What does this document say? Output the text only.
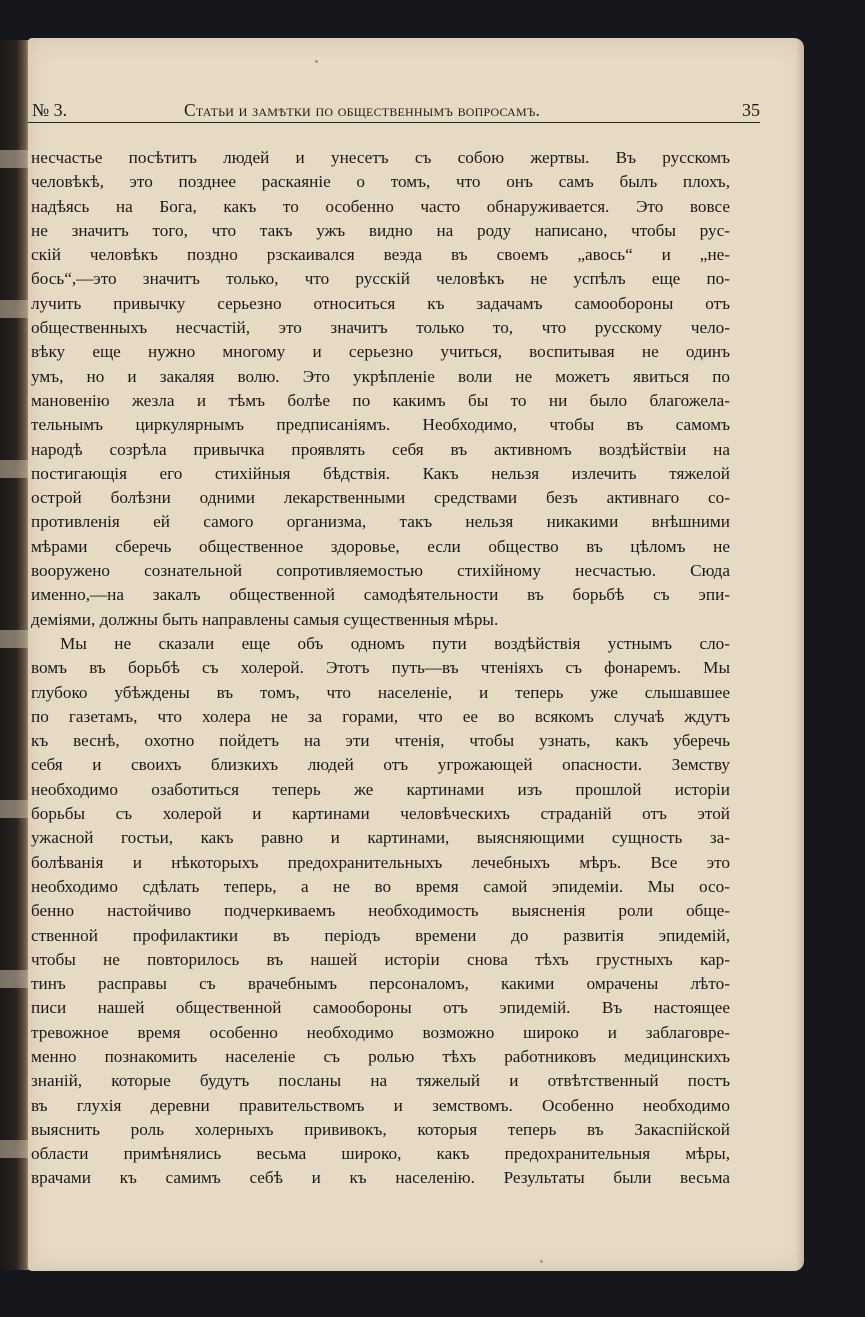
№ 3.	Статьи и замѣтки по общественнымъ вопросамъ.	35
несчастье посѣтитъ людей и унесетъ съ собою жертвы. Въ русскомъ
человѣкѣ, это позднее раскаяніе о томъ, что онъ самъ былъ плохъ,
надѣясь на Бога, какъ то особенно часто обнаруживается. Это вовсе
не значитъ того, что такъ ужъ видно на роду написано, чтобы рус-
скій человѣкъ поздно рзскаивался веэда въ своемъ „авось“ и „не-
бось“,—это значитъ только, что русскій человѣкъ не успѣлъ еще по-
лучить привычку серьезно относиться къ задачамъ самообороны отъ
общественныхъ несчастій, это значитъ только то, что русскому чело-
вѣку еще нужно многому и серьезно учиться, воспитывая не одинъ
умъ, но и закаляя волю. Это укрѣпленіе воли не можетъ явиться по
мановенію жезла и тѣмъ болѣе по какимъ бы то ни было благожела-
тельнымъ циркулярнымъ предписаніямъ. Необходимо, чтобы въ самомъ
народѣ созрѣла привычка проявлять себя въ активномъ воздѣйствіи на
постигающія его стихійныя бѣдствія. Какъ нельзя излечить тяжелой
острой болѣзни одними лекарственными средствами безъ активнаго со-
противленія ей самого организма, такъ нельзя никакими внѣшними
мѣрами сберечь общественное здоровье, если общество въ цѣломъ не
вооружено сознательной сопротивляемостью стихійному несчастью. Сюда
именно,—на закалъ общественной самодѣятельности въ борьбѣ съ эпи-
деміями, должны быть направлены самыя существенныя мѣры.
Мы не сказали еще объ одномъ пути воздѣйствія устнымъ сло-
вомъ въ борьбѣ съ холерой. Этотъ путь—въ чтеніяхъ съ фонаремъ. Мы
глубоко убѣждены въ томъ, что населеніе, и теперь уже слышавшее
по газетамъ, что холера не за горами, что ее во всякомъ случаѣ ждутъ
къ веснѣ, охотно пойдетъ на эти чтенія, чтобы узнать, какъ уберечь
себя и своихъ близкихъ людей отъ угрожающей опасности. Земству
необходимо озаботиться теперь же картинами изъ прошлой исторіи
борьбы съ холерой и картинами человѣческихъ страданій отъ этой
ужасной гостьи, какъ равно и картинами, выясняющими сущность за-
болѣванія и нѣкоторыхъ предохранительныхъ лечебныхъ мѣръ. Все это
необходимо сдѣлать теперь, а не во время самой эпидеміи. Мы осо-
бенно настойчиво подчеркиваемъ необходимость выясненія роли обще-
ственной профилактики въ періодъ времени до развитія эпидемій,
чтобы не повторилось въ нашей исторіи снова тѣхъ грустныхъ кар-
тинъ расправы съ врачебнымъ персоналомъ, какими омрачены лѣто-
писи нашей общественной самообороны отъ эпидемій. Въ настоящее
тревожное время особенно необходимо возможно широко и заблаговре-
менно познакомить населеніе съ ролью тѣхъ работниковъ медицинскихъ
знаній, которые будутъ посланы на тяжелый и отвѣтственный постъ
въ глухія деревни правительствомъ и земствомъ. Особенно необходимо
выяснить роль холерныхъ прививокъ, которыя теперь въ Закаспійской
области примѣнялись весьма широко, какъ предохранительныя мѣры,
врачами къ самимъ себѣ и къ населенію. Результаты были весьма
